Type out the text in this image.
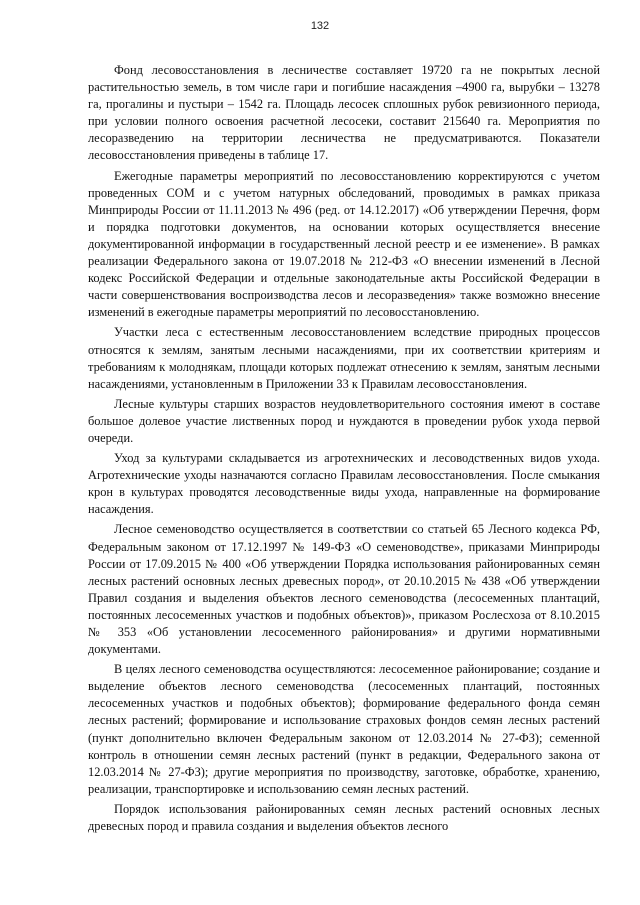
132

Фонд лесовосстановления в лесничестве составляет 19720 га не покрытых лесной растительностью земель, в том числе гари и погибшие насаждения –4900 га, вырубки – 13278 га, прогалины и пустыри – 1542 га. Площадь лесосек сплошных рубок ревизионного периода, при условии полного освоения расчетной лесосеки, составит 215640 га. Мероприятия по лесоразведению на территории лесничества не предусматриваются. Показатели лесовосстановления приведены в таблице 17.

Ежегодные параметры мероприятий по лесовосстановлению корректируются с учетом проведенных СОМ и с учетом натурных обследований, проводимых в рамках приказа Минприроды России от 11.11.2013 № 496 (ред. от 14.12.2017) «Об утверждении Перечня, форм и порядка подготовки документов, на основании которых осуществляется внесение документированной информации в государственный лесной реестр и ее изменение». В рамках реализации Федерального закона от 19.07.2018 № 212-ФЗ «О внесении изменений в Лесной кодекс Российской Федерации и отдельные законодательные акты Российской Федерации в части совершенствования воспроизводства лесов и лесоразведения» также возможно внесение изменений в ежегодные параметры мероприятий по лесовосстановлению.

Участки леса с естественным лесовосстановлением вследствие природных процессов относятся к землям, занятым лесными насаждениями, при их соответствии критериям и требованиям к молоднякам, площади которых подлежат отнесению к землям, занятым лесными насаждениями, установленным в Приложении 33 к Правилам лесовосстановления.

Лесные культуры старших возрастов неудовлетворительного состояния имеют в составе большое долевое участие лиственных пород и нуждаются в проведении рубок ухода первой очереди.

Уход за культурами складывается из агротехнических и лесоводственных видов ухода. Агротехнические уходы назначаются согласно Правилам лесовосстановления. После смыкания крон в культурах проводятся лесоводственные виды ухода, направленные на формирование насаждения.

Лесное семеноводство осуществляется в соответствии со статьей 65 Лесного кодекса РФ, Федеральным законом от 17.12.1997 № 149-ФЗ «О семеноводстве», приказами Минприроды России от 17.09.2015 № 400 «Об утверждении Порядка использования районированных семян лесных растений основных лесных древесных пород», от 20.10.2015 № 438 «Об утверждении Правил создания и выделения объектов лесного семеноводства (лесосеменных плантаций, постоянных лесосеменных участков и подобных объектов)», приказом Рослесхоза от 8.10.2015 № 353 «Об установлении лесосеменного районирования» и другими нормативными документами.

В целях лесного семеноводства осуществляются: лесосеменное районирование; создание и выделение объектов лесного семеноводства (лесосеменных плантаций, постоянных лесосеменных участков и подобных объектов); формирование федерального фонда семян лесных растений; формирование и использование страховых фондов семян лесных растений (пункт дополнительно включен Федеральным законом от 12.03.2014 № 27-ФЗ); семенной контроль в отношении семян лесных растений (пункт в редакции, Федерального закона от 12.03.2014 № 27-ФЗ); другие мероприятия по производству, заготовке, обработке, хранению, реализации, транспортировке и использованию семян лесных растений.

Порядок использования районированных семян лесных растений основных лесных древесных пород и правила создания и выделения объектов лесного
